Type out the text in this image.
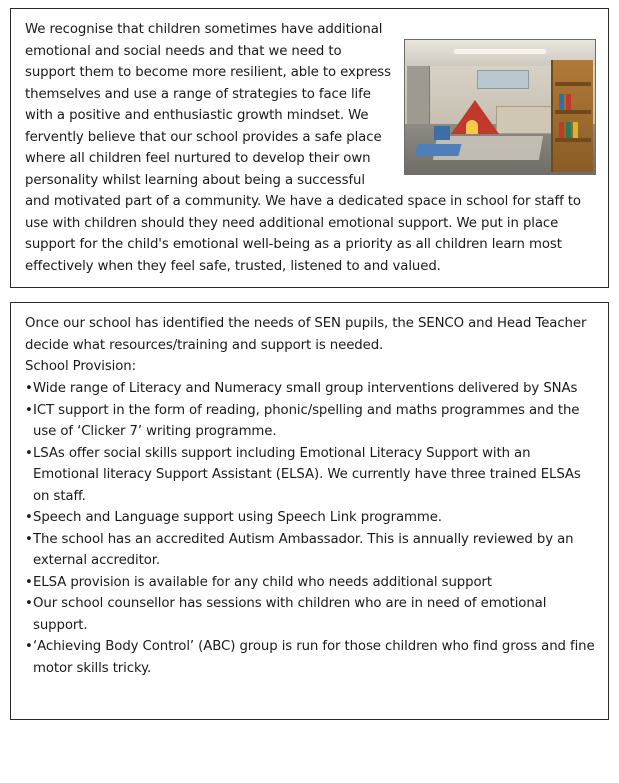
We recognise that children sometimes have additional emotional and social needs and that we need to support them to become more resilient, able to express themselves and use a range of strategies to face life with a positive and enthusiastic growth mindset. We fervently believe that our school provides a safe place where all children feel nurtured to develop their own personality whilst learning about being a successful and motivated part of a community. We have a dedicated space in school for staff to use with children should they need additional emotional support. We put in place support for the child's emotional well-being as a priority as all children learn most effectively when they feel safe, trusted, listened to and valued.

Once our school has identified the needs of SEN pupils, the SENCO and Head Teacher decide what resources/training and support is needed.

School Provision:

• Wide range of Literacy and Numeracy small group interventions delivered by SNAs
• ICT support in the form of reading, phonic/spelling and maths programmes and the use of ‘Clicker 7’ writing programme.
• LSAs offer social skills support including Emotional Literacy Support with an Emotional literacy Support Assistant (ELSA). We currently have three trained ELSAs on staff.
• Speech and Language support using Speech Link programme.
• The school has an accredited Autism Ambassador. This is annually reviewed by an external accreditor.
• ELSA provision is available for any child who needs additional support
• Our school counsellor has sessions with children who are in need of emotional support.
• ‘Achieving Body Control’ (ABC) group is run for those children who find gross and fine motor skills tricky.
